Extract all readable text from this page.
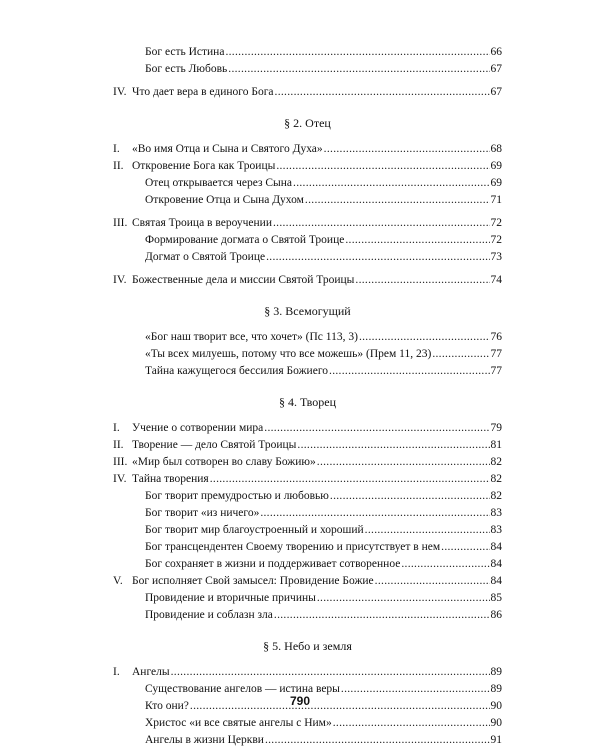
Бог есть Истина .....	66
Бог есть Любовь .....	67
IV. Что дает вера в единого Бога .....	67
§ 2. Отец
I.	«Во имя Отца и Сына и Святого Духа» .....	68
II. Откровение Бога как Троицы .....	69
Отец открывается через Сына .....	69
Откровение Отца и Сына Духом .....	71
III. Святая Троица в вероучении .....	72
Формирование догмата о Святой Троице .....	72
Догмат о Святой Троице .....	73
IV. Божественные дела и миссии Святой Троицы .....	74
§ 3. Всемогущий
«Бог наш творит все, что хочет» (Пс 113, 3) .....	76
«Ты всех милуешь, потому что все можешь» (Прем 11, 23) .....	77
Тайна кажущегося бессилия Божиего .....	77
§ 4. Творец
I.	Учение о сотворении мира .....	79
II. Творение — дело Святой Троицы .....	81
III. «Мир был сотворен во славу Божию» .....	82
IV. Тайна творения .....	82
Бог творит премудростью и любовью .....	82
Бог творит «из ничего» .....	83
Бог творит мир благоустроенный и хороший .....	83
Бог трансцендентен Своему творению и присутствует в нем .....	84
Бог сохраняет в жизни и поддерживает сотворенное .....	84
V. Бог исполняет Свой замысел: Провидение Божие .....	84
Провидение и вторичные причины .....	85
Провидение и соблазн зла .....	86
§ 5. Небо и земля
I.	Ангелы .....	89
Существование ангелов — истина веры .....	89
Кто они? .....	90
Христос «и все святые ангелы с Ним» .....	90
Ангелы в жизни Церкви .....	91
790
